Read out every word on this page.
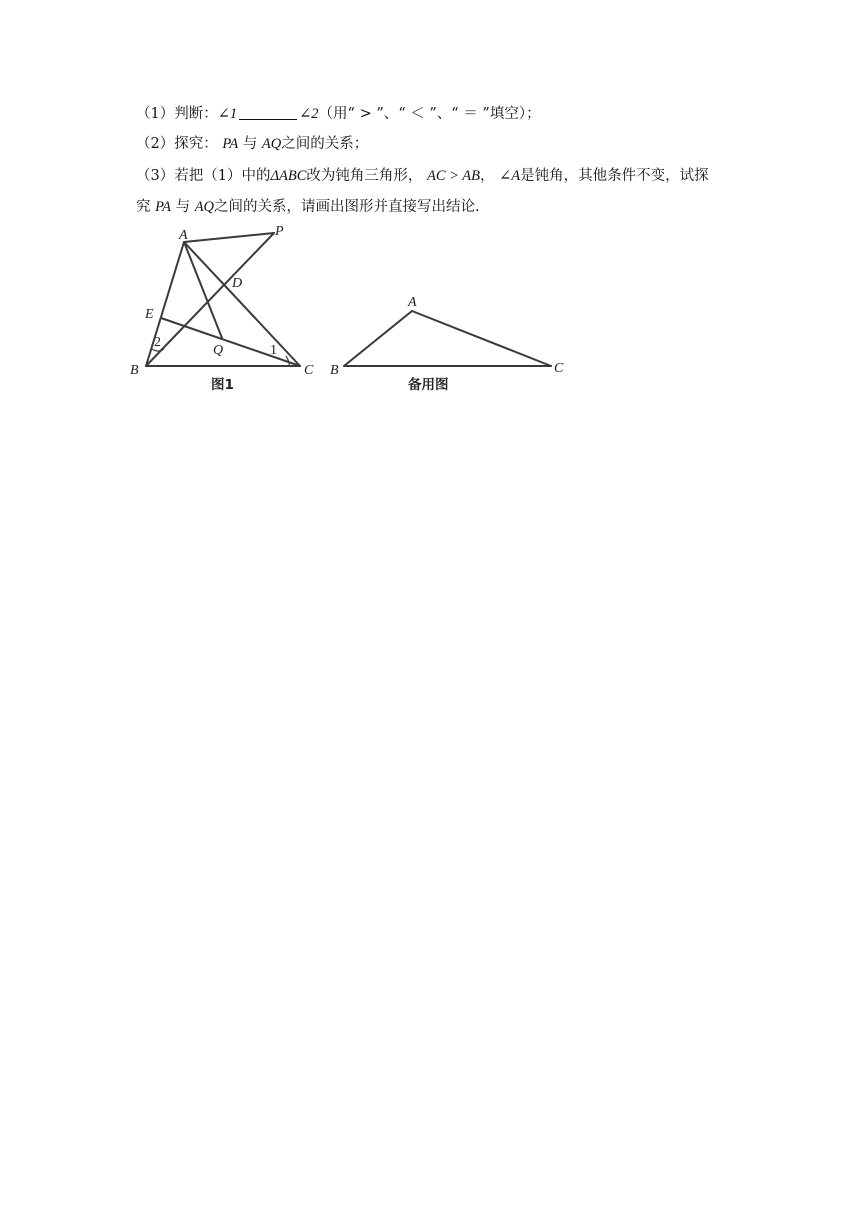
（1）判断：∠1	∠2（用“ > ”、“ ＜ ”、“ ＝ ”填空）；
（2）探究： PA 与 AQ之间的关系；
（3）若把（1）中的ΔABC改为钝角三角形， AC > AB， ∠A是钝角，其他条件不变，试探
究 PA 与 AQ之间的关系，请画出图形并直接写出结论.
A	P
D
E
Q
B	C
2
1
图1
A
B	C
备用图
